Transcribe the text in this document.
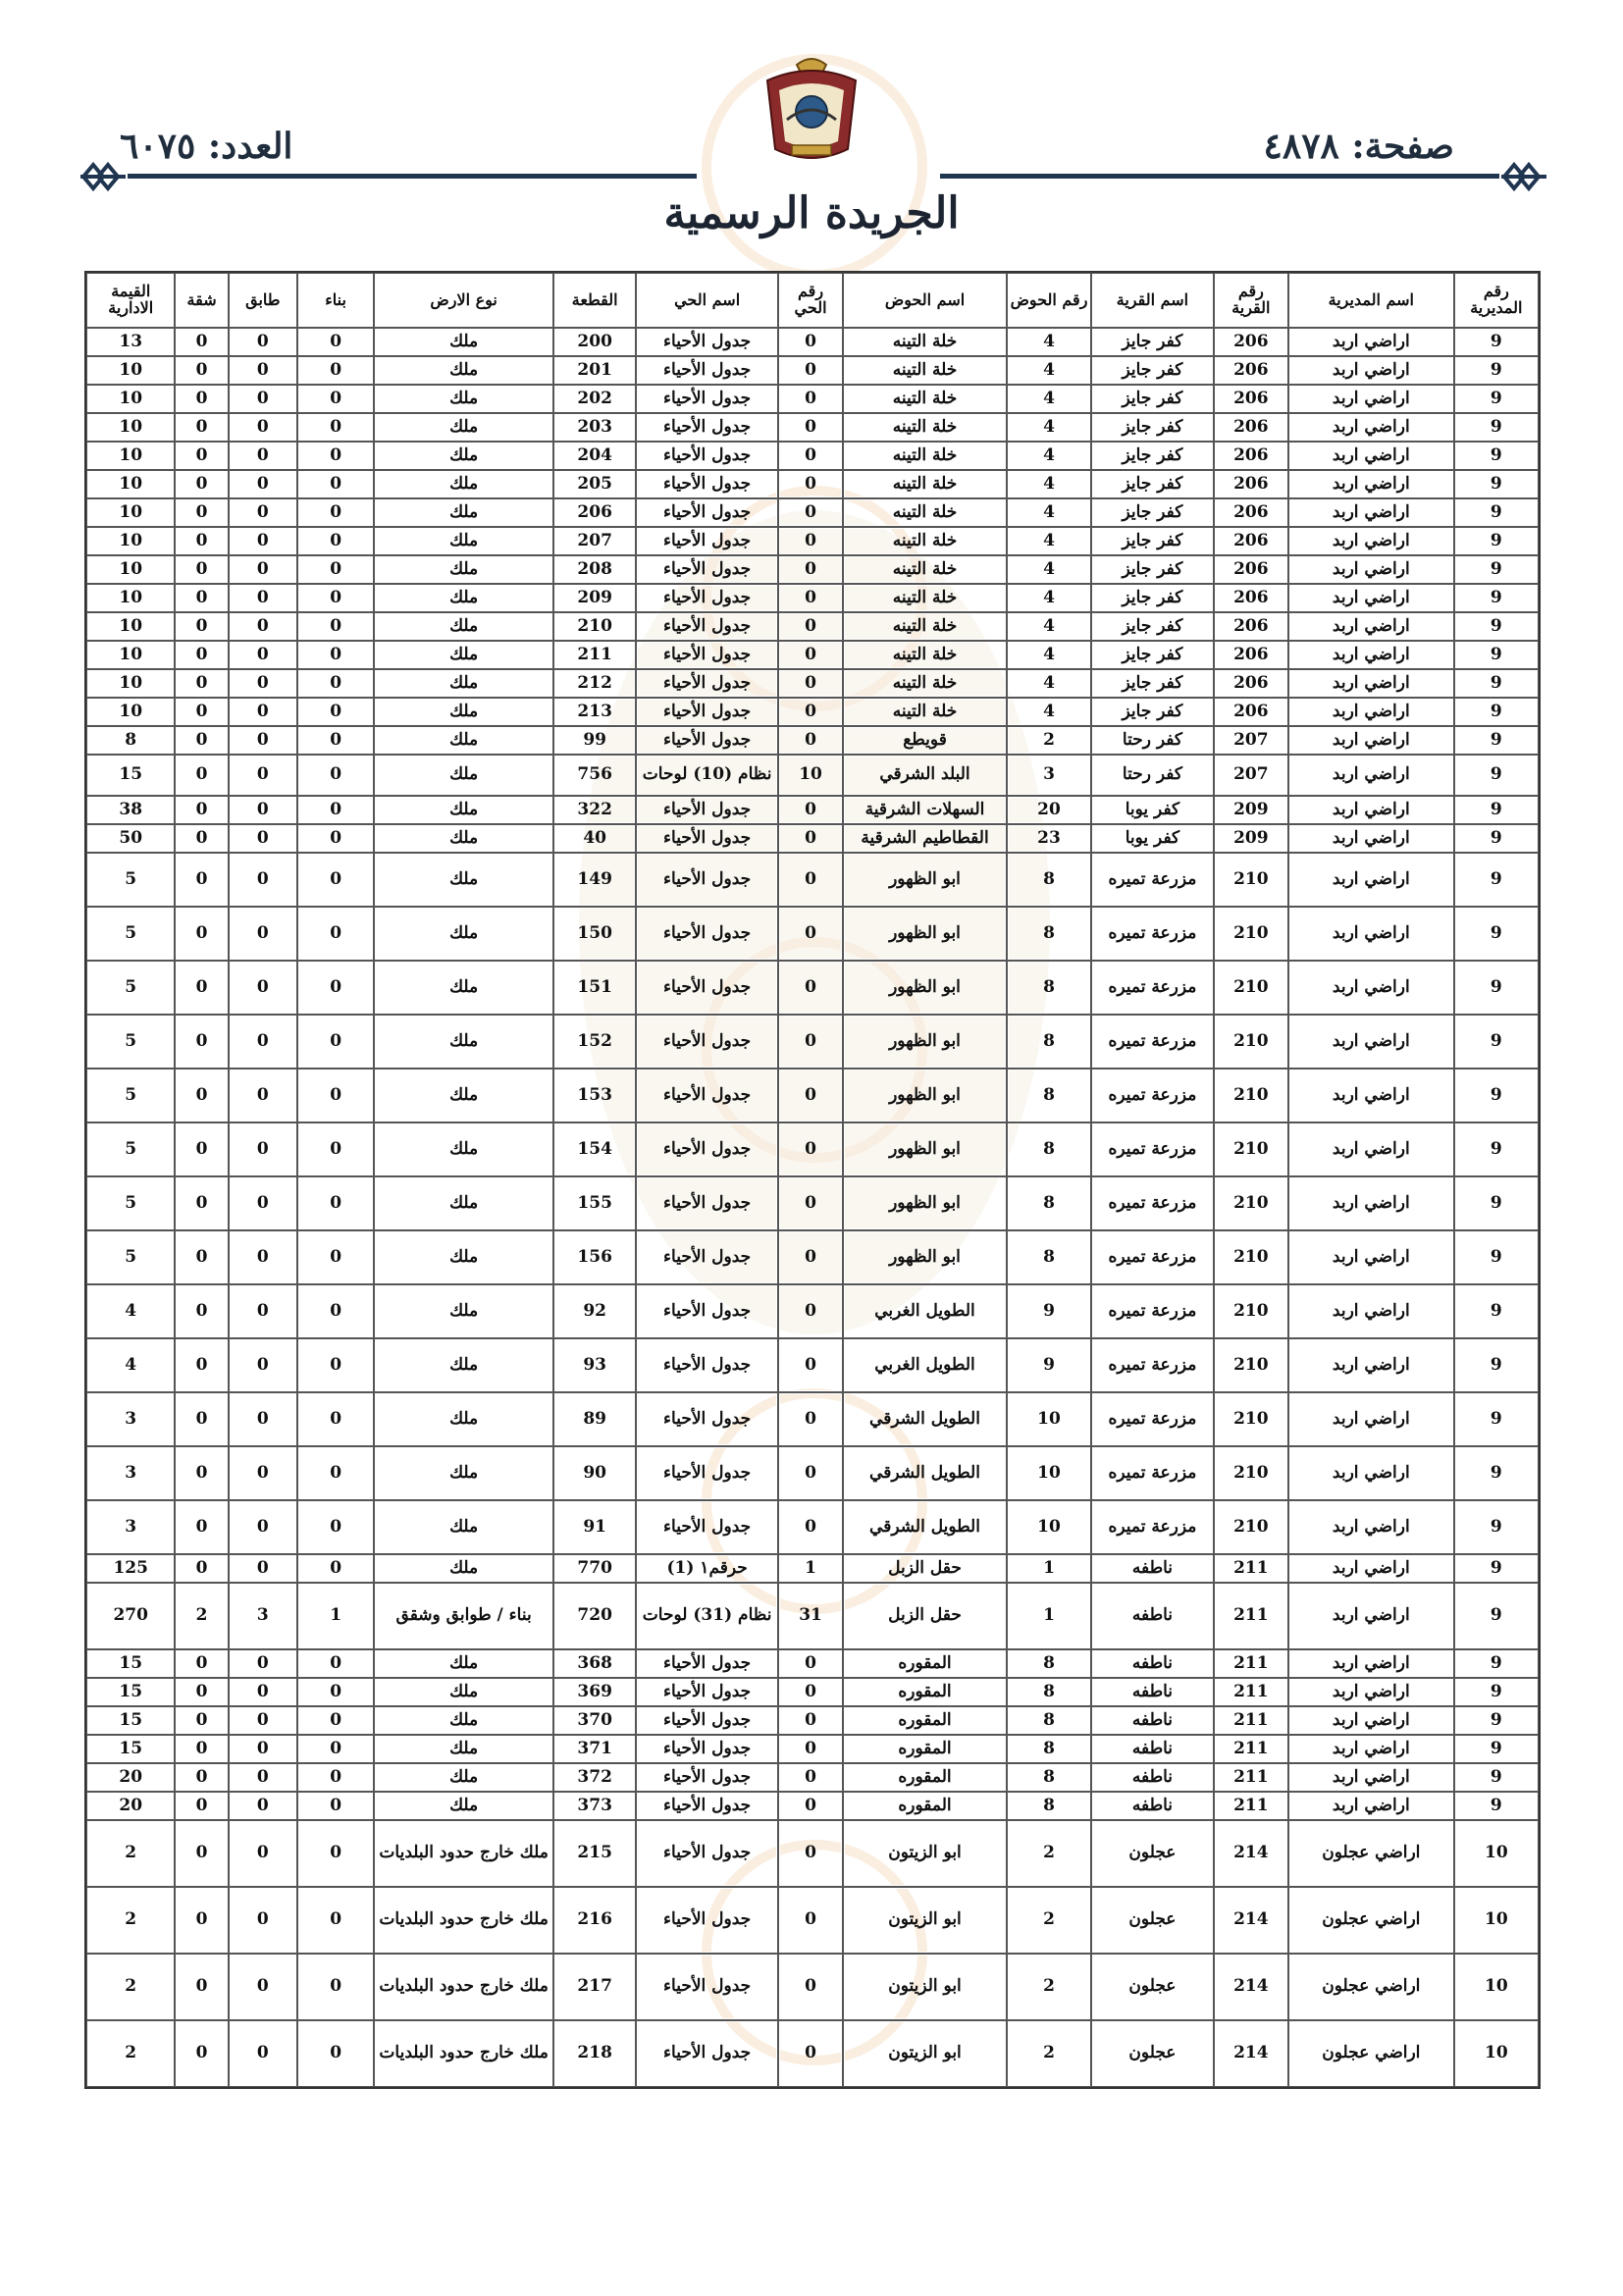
صفحة: ٤٨٧٨
العدد: ٦٠٧٥
الجريدة الرسمية
رقم المديرية	اسم المديرية	رقم القرية	اسم القرية	رقم الحوض	اسم الحوض	رقم الحي	اسم الحي	القطعة	نوع الارض	بناء	طابق	شقة	القيمة الادارية
9	اراضي اربد	206	كفر جايز	4	خلة التينه	0	جدول الأحياء	200	ملك	0	0	0	13
9	اراضي اربد	206	كفر جايز	4	خلة التينه	0	جدول الأحياء	201	ملك	0	0	0	10
9	اراضي اربد	206	كفر جايز	4	خلة التينه	0	جدول الأحياء	202	ملك	0	0	0	10
9	اراضي اربد	206	كفر جايز	4	خلة التينه	0	جدول الأحياء	203	ملك	0	0	0	10
9	اراضي اربد	206	كفر جايز	4	خلة التينه	0	جدول الأحياء	204	ملك	0	0	0	10
9	اراضي اربد	206	كفر جايز	4	خلة التينه	0	جدول الأحياء	205	ملك	0	0	0	10
9	اراضي اربد	206	كفر جايز	4	خلة التينه	0	جدول الأحياء	206	ملك	0	0	0	10
9	اراضي اربد	206	كفر جايز	4	خلة التينه	0	جدول الأحياء	207	ملك	0	0	0	10
9	اراضي اربد	206	كفر جايز	4	خلة التينه	0	جدول الأحياء	208	ملك	0	0	0	10
9	اراضي اربد	206	كفر جايز	4	خلة التينه	0	جدول الأحياء	209	ملك	0	0	0	10
9	اراضي اربد	206	كفر جايز	4	خلة التينه	0	جدول الأحياء	210	ملك	0	0	0	10
9	اراضي اربد	206	كفر جايز	4	خلة التينه	0	جدول الأحياء	211	ملك	0	0	0	10
9	اراضي اربد	206	كفر جايز	4	خلة التينه	0	جدول الأحياء	212	ملك	0	0	0	10
9	اراضي اربد	206	كفر جايز	4	خلة التينه	0	جدول الأحياء	213	ملك	0	0	0	10
9	اراضي اربد	207	كفر رحتا	2	قويطع	0	جدول الأحياء	99	ملك	0	0	0	8
9	اراضي اربد	207	كفر رحتا	3	البلد الشرقي	10	نظام (10) لوحات	756	ملك	0	0	0	15
9	اراضي اربد	209	كفر يوبا	20	السهلات الشرقية	0	جدول الأحياء	322	ملك	0	0	0	38
9	اراضي اربد	209	كفر يوبا	23	القطاطيم الشرقية	0	جدول الأحياء	40	ملك	0	0	0	50
9	اراضي اربد	210	مزرعة تميره	8	ابو الظهور	0	جدول الأحياء	149	ملك	0	0	0	5
9	اراضي اربد	210	مزرعة تميره	8	ابو الظهور	0	جدول الأحياء	150	ملك	0	0	0	5
9	اراضي اربد	210	مزرعة تميره	8	ابو الظهور	0	جدول الأحياء	151	ملك	0	0	0	5
9	اراضي اربد	210	مزرعة تميره	8	ابو الظهور	0	جدول الأحياء	152	ملك	0	0	0	5
9	اراضي اربد	210	مزرعة تميره	8	ابو الظهور	0	جدول الأحياء	153	ملك	0	0	0	5
9	اراضي اربد	210	مزرعة تميره	8	ابو الظهور	0	جدول الأحياء	154	ملك	0	0	0	5
9	اراضي اربد	210	مزرعة تميره	8	ابو الظهور	0	جدول الأحياء	155	ملك	0	0	0	5
9	اراضي اربد	210	مزرعة تميره	8	ابو الظهور	0	جدول الأحياء	156	ملك	0	0	0	5
9	اراضي اربد	210	مزرعة تميره	9	الطويل الغربي	0	جدول الأحياء	92	ملك	0	0	0	4
9	اراضي اربد	210	مزرعة تميره	9	الطويل الغربي	0	جدول الأحياء	93	ملك	0	0	0	4
9	اراضي اربد	210	مزرعة تميره	10	الطويل الشرقي	0	جدول الأحياء	89	ملك	0	0	0	3
9	اراضي اربد	210	مزرعة تميره	10	الطويل الشرقي	0	جدول الأحياء	90	ملك	0	0	0	3
9	اراضي اربد	210	مزرعة تميره	10	الطويل الشرقي	0	جدول الأحياء	91	ملك	0	0	0	3
9	اراضي اربد	211	ناطفه	1	حقل الزبل	1	حرقم١ (1)	770	ملك	0	0	0	125
9	اراضي اربد	211	ناطفه	1	حقل الزبل	31	نظام (31) لوحات	720	بناء / طوابق وشقق	1	3	2	270
9	اراضي اربد	211	ناطفه	8	المقوره	0	جدول الأحياء	368	ملك	0	0	0	15
9	اراضي اربد	211	ناطفه	8	المقوره	0	جدول الأحياء	369	ملك	0	0	0	15
9	اراضي اربد	211	ناطفه	8	المقوره	0	جدول الأحياء	370	ملك	0	0	0	15
9	اراضي اربد	211	ناطفه	8	المقوره	0	جدول الأحياء	371	ملك	0	0	0	15
9	اراضي اربد	211	ناطفه	8	المقوره	0	جدول الأحياء	372	ملك	0	0	0	20
9	اراضي اربد	211	ناطفه	8	المقوره	0	جدول الأحياء	373	ملك	0	0	0	20
10	اراضي عجلون	214	عجلون	2	ابو الزيتون	0	جدول الأحياء	215	ملك خارج حدود البلديات	0	0	0	2
10	اراضي عجلون	214	عجلون	2	ابو الزيتون	0	جدول الأحياء	216	ملك خارج حدود البلديات	0	0	0	2
10	اراضي عجلون	214	عجلون	2	ابو الزيتون	0	جدول الأحياء	217	ملك خارج حدود البلديات	0	0	0	2
10	اراضي عجلون	214	عجلون	2	ابو الزيتون	0	جدول الأحياء	218	ملك خارج حدود البلديات	0	0	0	2
